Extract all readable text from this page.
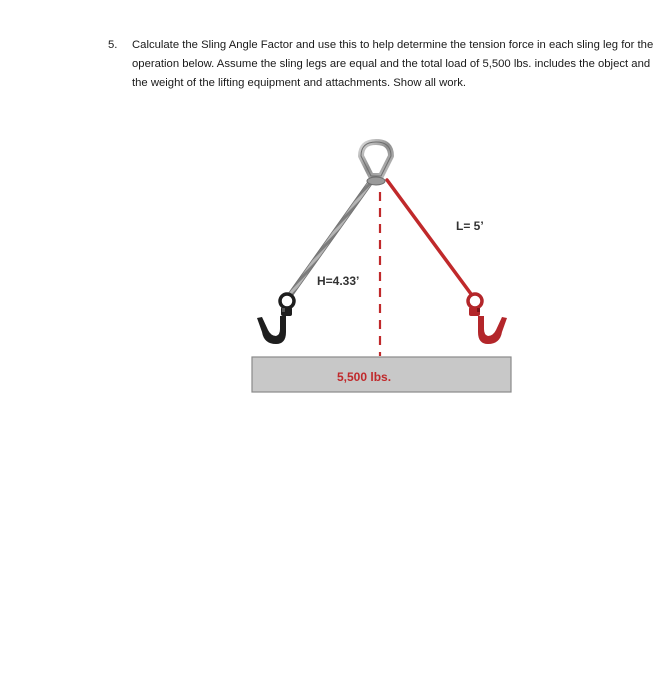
5.	Calculate the Sling Angle Factor and use this to help determine the tension force in each sling leg for the operation below. Assume the sling legs are equal and the total load of 5,500 lbs. includes the object and the weight of the lifting equipment and attachments. Show all work.
H=4.33’
L= 5’
5,500 lbs.
